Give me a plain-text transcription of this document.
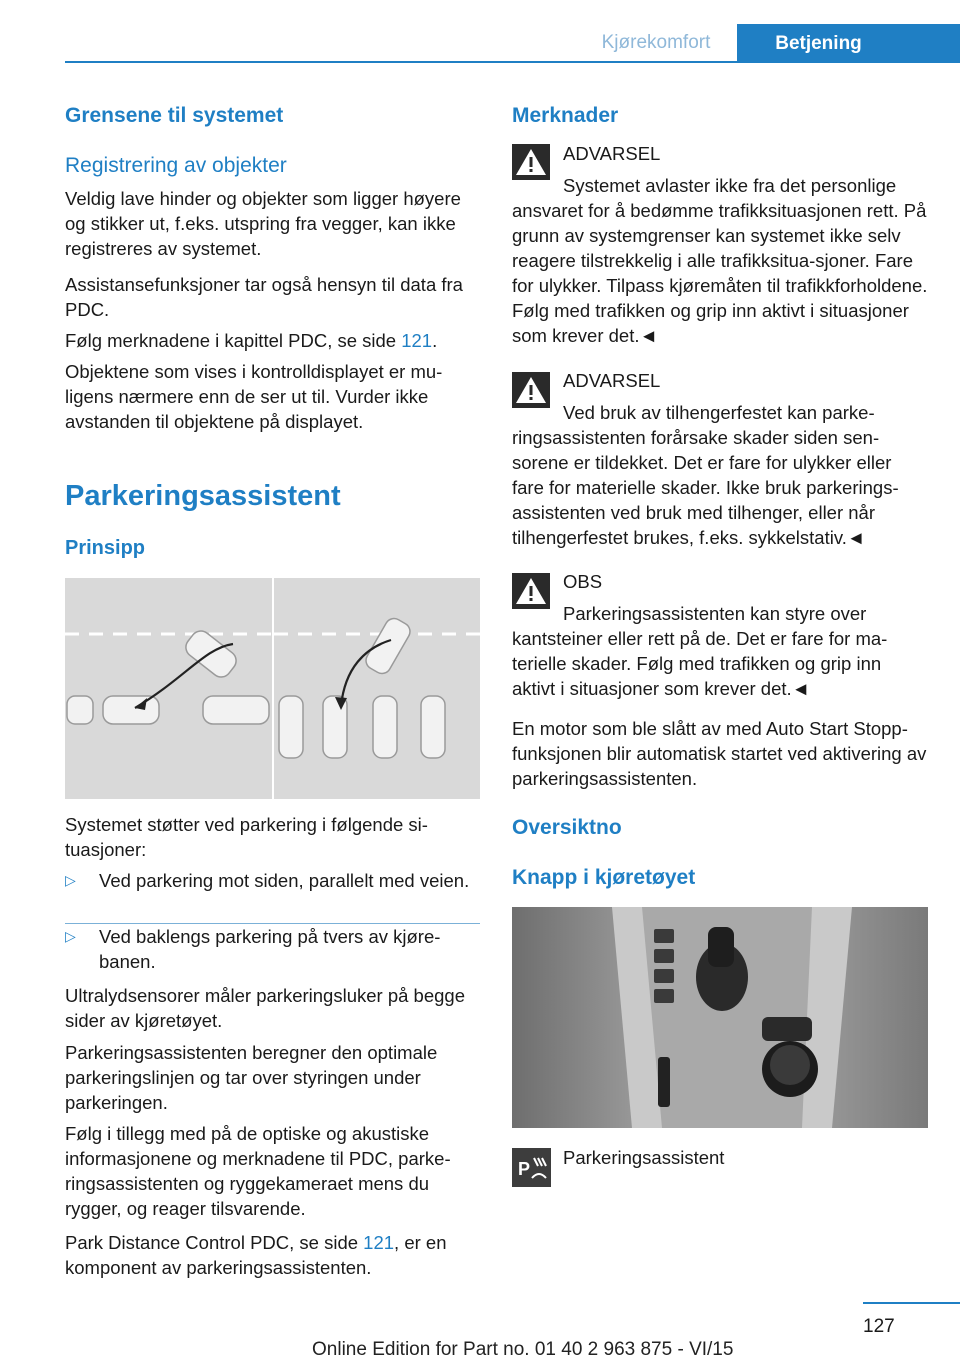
Kjørekomfort	Betjening
Grensene til systemet
Registrering av objekter
Veldig lave hinder og objekter som ligger høyere og stikker ut, f.eks. utspring fra vegger, kan ikke registreres av systemet.
Assistansefunksjoner tar også hensyn til data fra PDC.
Følg merknadene i kapittel PDC, se side 121.
Objektene som vises i kontrolldisplayet er mu-ligens nærmere enn de ser ut til. Vurder ikke avstanden til objektene på displayet.
Parkeringsassistent
Prinsipp
Systemet støtter ved parkering i følgende si-tuasjoner:
▷ Ved parkering mot siden, parallelt med veien.
▷ Ved baklengs parkering på tvers av kjøre-banen.
Ultralydsensorer måler parkeringsluker på begge sider av kjøretøyet.
Parkeringsassistenten beregner den optimale parkeringslinjen og tar over styringen under parkeringen.
Følg i tillegg med på de optiske og akustiske informasjonene og merknadene til PDC, parke-ringsassistenten og ryggekameraet mens du rygger, og reager tilsvarende.
Park Distance Control PDC, se side 121, er en komponent av parkeringsassistenten.
Merknader
ADVARSEL
Systemet avlaster ikke fra det personlige ansvaret for å bedømme trafikksituasjonen rett. På grunn av systemgrenser kan systemet ikke selv reagere tilstrekkelig i alle trafikksitua-sjoner. Fare for ulykker. Tilpass kjøremåten til trafikkforholdene. Følg med trafikken og grip inn aktivt i situasjoner som krever det.◄
ADVARSEL
Ved bruk av tilhengerfestet kan parke-ringsassistenten forårsake skader siden sen-sorene er tildekket. Det er fare for ulykker eller fare for materielle skader. Ikke bruk parkerings-assistenten ved bruk med tilhenger, eller når tilhengerfestet brukes, f.eks. sykkelstativ.◄
OBS
Parkeringsassistenten kan styre over kantsteiner eller rett på de. Det er fare for ma-terielle skader. Følg med trafikken og grip inn aktivt i situasjoner som krever det.◄
En motor som ble slått av med Auto Start Stopp-funksjonen blir automatisk startet ved aktivering av parkeringsassistenten.
Oversiktno
Knapp i kjøretøyet
P
Parkeringsassistent
127
Online Edition for Part no. 01 40 2 963 875 - VI/15
